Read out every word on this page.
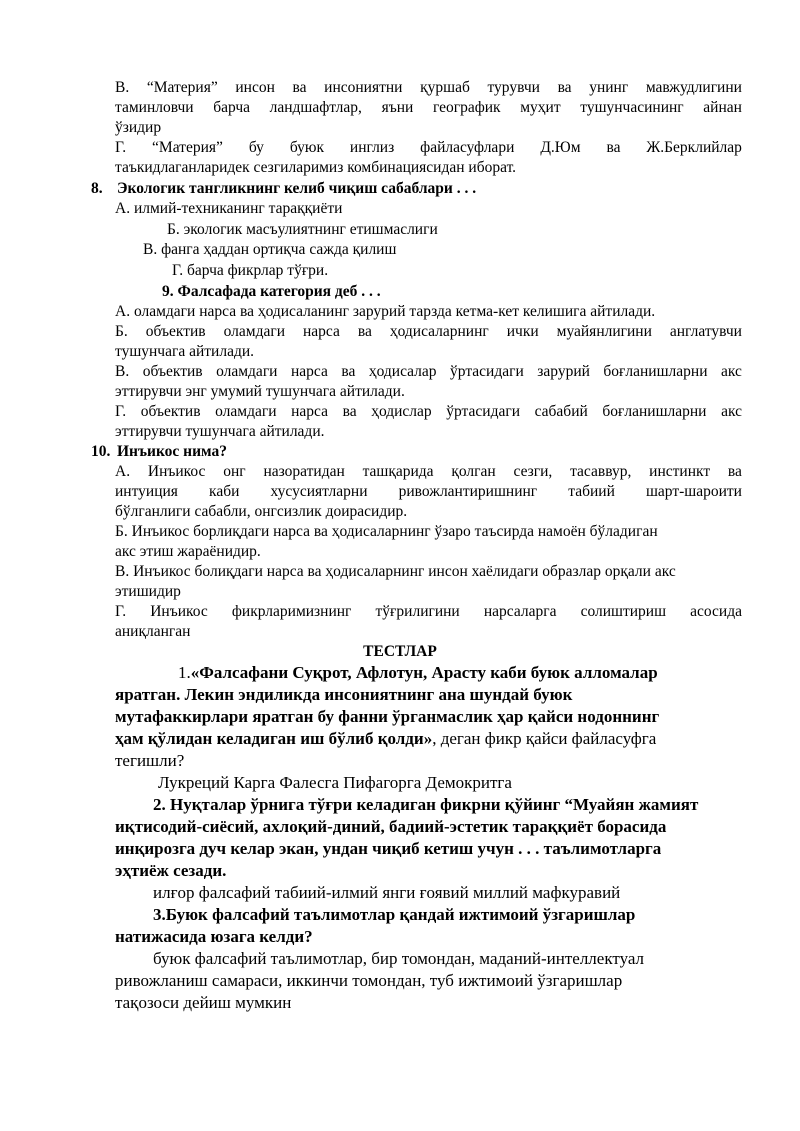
В. “Материя” инсон ва инсониятни қуршаб турувчи ва унинг мавжудлигини
таминловчи барча ландшафтлар, яъни географик муҳит тушунчасининг айнан
ўзидир
Г. “Материя” бу буюк инглиз файласуфлари Д.Юм ва Ж.Берклийлар
таъкидлаганларидек сезгиларимиз комбинациясидан иборат.
8. Экологик тангликнинг келиб чиқиш сабаблари . . .
А. илмий-техниканинг тараққиёти
Б. экологик масъулиятнинг етишмаслиги
В. фанга ҳаддан ортиқча сажда қилиш
Г. барча фикрлар тўғри.
9. Фалсафада категория деб . . .
А. оламдаги нарса ва ҳодисаланинг зарурий тарзда кетма-кет келишига айтилади.
Б. объектив оламдаги нарса ва ҳодисаларнинг ички муайянлигини англатувчи
тушунчага айтилади.
В. объектив оламдаги нарса ва ҳодисалар ўртасидаги зарурий боғланишларни акс
эттирувчи энг умумий тушунчага айтилади.
Г. объектив оламдаги нарса ва ҳодислар ўртасидаги сабабий боғланишларни акс
эттирувчи тушунчага айтилади.
10. Инъикос нима?
А. Инъикос онг назоратидан ташқарида қолган сезги, тасаввур, инстинкт ва
интуиция каби хусусиятларни ривожлантиришнинг табиий шарт-шароити
бўлганлиги сабабли, онгсизлик доирасидир.
Б. Инъикос борлиқдаги нарса ва ҳодисаларнинг ўзаро таъсирда намоён бўладиган
акс этиш жараёнидир.
В. Инъикос болиқдаги нарса ва ҳодисаларнинг инсон хаёлидаги образлар орқали акс
этишидир
Г. Инъикос фикрларимизнинг тўғрилигини нарсаларга солиштириш асосида
аниқланган
ТЕСТЛАР
1.«Фалсафани Суқрот, Афлотун, Арасту каби буюк алломалар
яратган. Лекин эндиликда инсониятнинг ана шундай буюк
мутафаккирлари яратган бу фанни ўрганмаслик ҳар қайси нодоннинг
ҳам қўлидан келадиган иш бўлиб қолди», деган фикр қайси файласуфга
тегишли?
Лукреций Карга Фалесга Пифагорга Демокритга
2. Нуқталар ўрнига тўғри келадиган фикрни қўйинг “Муайян жамият
иқтисодий-сиёсий, ахлоқий-диний, бадиий-эстетик тараққиёт борасида
инқирозга дуч келар экан, ундан чиқиб кетиш учун . . . таълимотларга
эҳтиёж сезади.
илғор фалсафий табиий-илмий янги ғоявий миллий мафкуравий
3.Буюк фалсафий таълимотлар қандай ижтимоий ўзгаришлар
натижасида юзага келди?
буюк фалсафий таълимотлар, бир томондан, маданий-интеллектуал
ривожланиш самараси, иккинчи томондан, туб ижтимоий ўзгаришлар
тақозоси дейиш мумкин
